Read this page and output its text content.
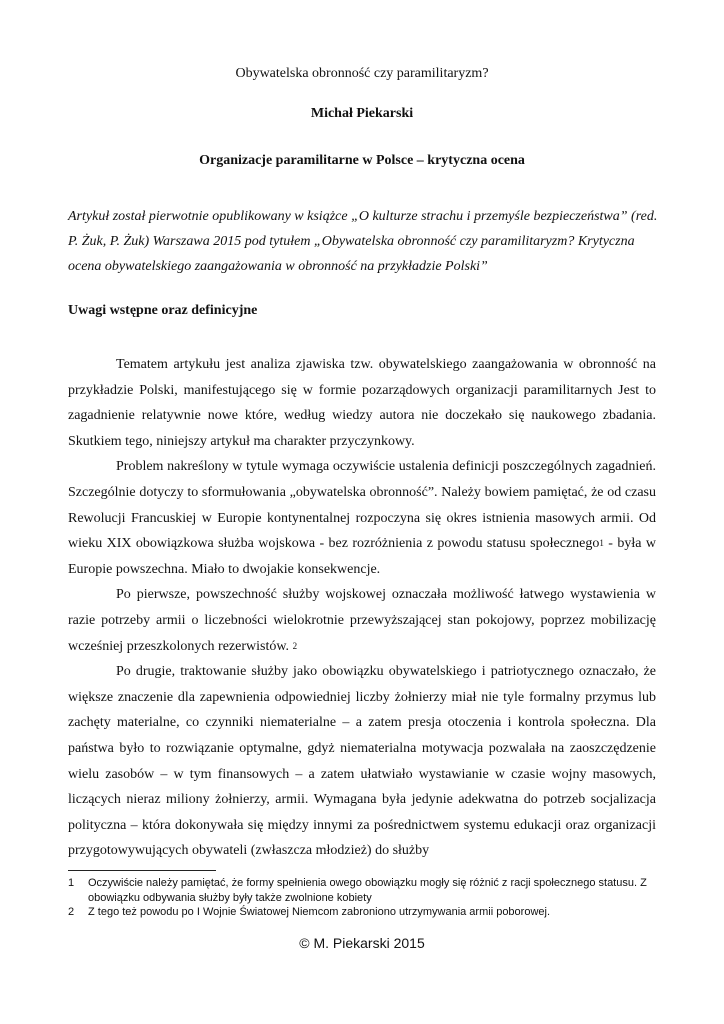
Obywatelska obronność czy paramilitaryzm?
Michał Piekarski
Organizacje paramilitarne w Polsce – krytyczna ocena
Artykuł został pierwotnie opublikowany w książce „O kulturze strachu i przemyśle bezpieczeństwa” (red. P. Żuk, P. Żuk) Warszawa 2015 pod tytułem „Obywatelska obronność czy paramilitaryzm? Krytyczna ocena obywatelskiego zaangażowania w obronność na przykładzie Polski”
Uwagi wstępne oraz definicyjne

Tematem artykułu jest analiza zjawiska tzw. obywatelskiego zaangażowania w obronność na przykładzie Polski, manifestującego się w formie pozarządowych organizacji paramilitarnych Jest to zagadnienie relatywnie nowe które, według wiedzy autora nie doczekało się naukowego zbadania. Skutkiem tego, niniejszy artykuł ma charakter przyczynkowy.

Problem nakreślony w tytule wymaga oczywiście ustalenia definicji poszczególnych zagadnień. Szczególnie dotyczy to sformułowania „obywatelska obronność”. Należy bowiem pamiętać, że od czasu Rewolucji Francuskiej w Europie kontynentalnej rozpoczyna się okres istnienia masowych armii. Od wieku XIX obowiązkowa służba wojskowa - bez rozróżnienia z powodu statusu społecznego1 - była w Europie powszechna. Miało to dwojakie konsekwencje.

Po pierwsze, powszechność służby wojskowej oznaczała możliwość łatwego wystawienia w razie potrzeby armii o liczebności wielokrotnie przewyższającej stan pokojowy, poprzez mobilizację wcześniej przeszkolonych rezerwistów. 2

Po drugie, traktowanie służby jako obowiązku obywatelskiego i patriotycznego oznaczało, że większe znaczenie dla zapewnienia odpowiedniej liczby żołnierzy miał nie tyle formalny przymus lub zachęty materialne, co czynniki niematerialne – a zatem presja otoczenia i kontrola społeczna. Dla państwa było to rozwiązanie optymalne, gdyż niematerialna motywacja pozwalała na zaoszczędzenie wielu zasobów – w tym finansowych – a zatem ułatwiało wystawianie w czasie wojny masowych, liczących nieraz miliony żołnierzy, armii. Wymagana była jedynie adekwatna do potrzeb socjalizacja polityczna – która dokonywała się między innymi za pośrednictwem systemu edukacji oraz organizacji przygotowywujących obywateli (zwłaszcza młodzież) do służby

1	Oczywiście należy pamiętać, że formy spełnienia owego obowiązku mogły się różnić z racji społecznego statusu. Z obowiązku odbywania służby były także zwolnione kobiety
2	Z tego też powodu po I Wojnie Światowej Niemcom zabroniono utrzymywania armii poborowej.
© M. Piekarski 2015
